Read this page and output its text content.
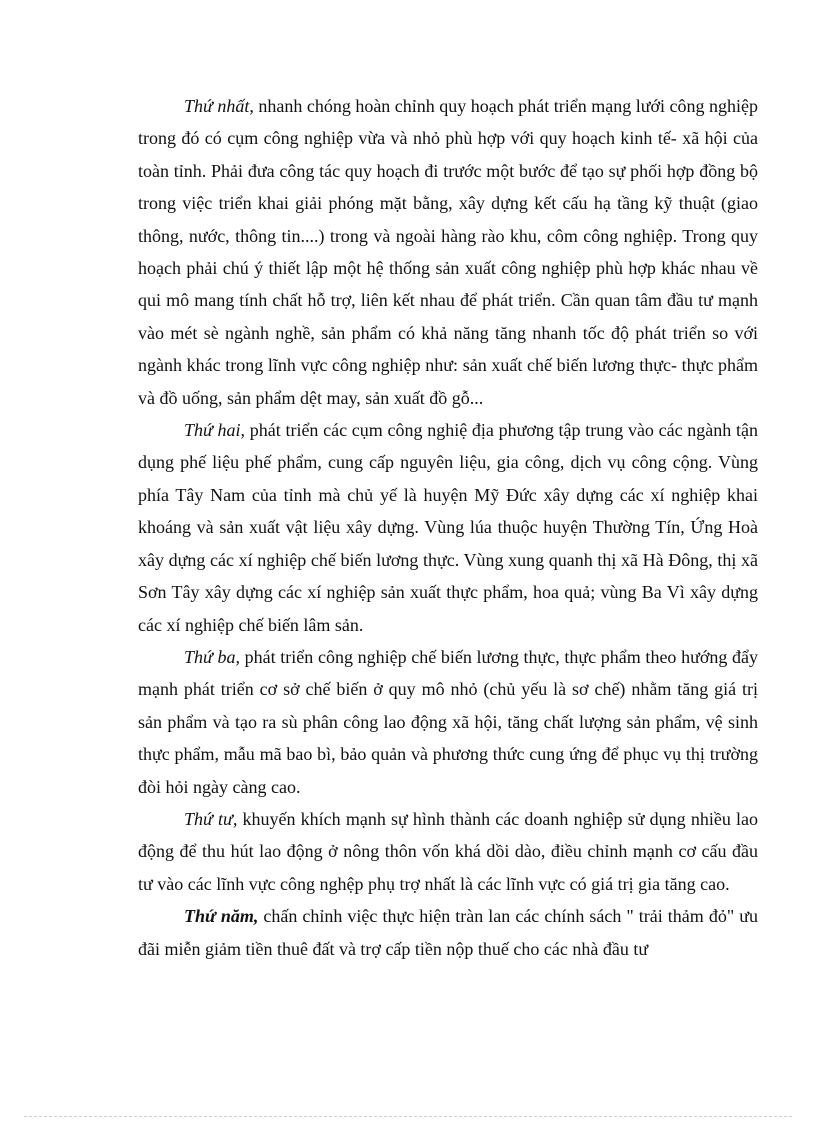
Thứ nhất, nhanh chóng hoàn chỉnh quy hoạch phát triển mạng lưới công nghiệp trong đó có cụm công nghiệp vừa và nhỏ phù hợp với quy hoạch kinh tế- xã hội của toàn tỉnh. Phải đưa công tác quy hoạch đi trước một bước để tạo sự phối hợp đồng bộ trong việc triển khai giải phóng mặt bằng, xây dựng kết cấu hạ tầng kỹ thuật (giao thông, nước, thông tin....) trong và ngoài hàng rào khu, côm công nghiệp. Trong quy hoạch phải chú ý thiết lập một hệ thống sản xuất công nghiệp phù hợp khác nhau về qui mô mang tính chất hỗ trợ, liên kết nhau để phát triển. Cần quan tâm đầu tư mạnh vào mét sè ngành nghề, sản phẩm có khả năng tăng nhanh tốc độ phát triển so với ngành khác trong lĩnh vực công nghiệp như: sản xuất chế biến lương thực- thực phẩm và đồ uống, sản phẩm dệt may, sản xuất đồ gỗ...

Thứ hai, phát triển các cụm công nghiệ địa phương tập trung vào các ngành tận dụng phế liệu phế phẩm, cung cấp nguyên liệu, gia công, dịch vụ công cộng. Vùng phía Tây Nam của tỉnh mà chủ yế là huyện Mỹ Đức xây dựng các xí nghiệp khai khoáng và sản xuất vật liệu xây dựng. Vùng lúa thuộc huyện Thường Tín, Ứng Hoà xây dựng các xí nghiệp chế biến lương thực. Vùng xung quanh thị xã Hà Đông, thị xã Sơn Tây xây dựng các xí nghiệp sản xuất thực phẩm, hoa quả; vùng Ba Vì xây dựng các xí nghiệp chế biến lâm sản.

Thứ ba, phát triển công nghiệp chế biến lương thực, thực phẩm theo hướng đẩy mạnh phát triển cơ sở chế biến ở quy mô nhỏ (chủ yếu là sơ chế) nhằm tăng giá trị sản phẩm và tạo ra sù phân công lao động xã hội, tăng chất lượng sản phẩm, vệ sinh thực phẩm, mẫu mã bao bì, bảo quản và phương thức cung ứng để phục vụ thị trường đòi hỏi ngày càng cao.

Thứ tư, khuyến khích mạnh sự hình thành các doanh nghiệp sử dụng nhiều lao động để thu hút lao động ở nông thôn vốn khá dồi dào, điều chỉnh mạnh cơ cấu đầu tư vào các lĩnh vực công nghệp phụ trợ nhất là các lĩnh vực có giá trị gia tăng cao.

Thứ năm, chấn chỉnh việc thực hiện tràn lan các chính sách " trải thảm đỏ" ưu đãi miễn giảm tiền thuê đất và trợ cấp tiền nộp thuế cho các nhà đầu tư
